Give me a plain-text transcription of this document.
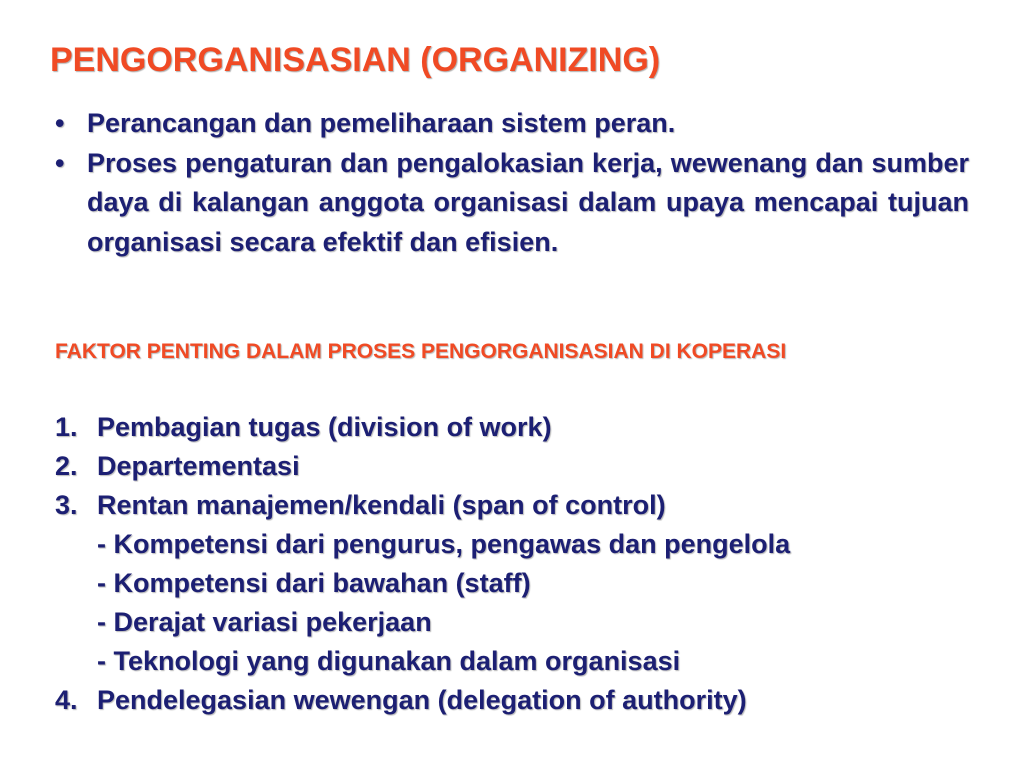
PENGORGANISASIAN (ORGANIZING)
• Perancangan dan pemeliharaan sistem peran.
• Proses pengaturan dan pengalokasian kerja, wewenang dan sumber daya di kalangan anggota organisasi dalam upaya mencapai tujuan organisasi secara efektif dan efisien.
FAKTOR PENTING DALAM PROSES PENGORGANISASIAN DI KOPERASI
1. Pembagian tugas (division of work)
2. Departementasi
3. Rentan manajemen/kendali (span of control)
- Kompetensi dari pengurus, pengawas dan pengelola
- Kompetensi dari bawahan (staff)
- Derajat variasi pekerjaan
- Teknologi yang digunakan dalam organisasi
4. Pendelegasian wewengan (delegation of authority)
